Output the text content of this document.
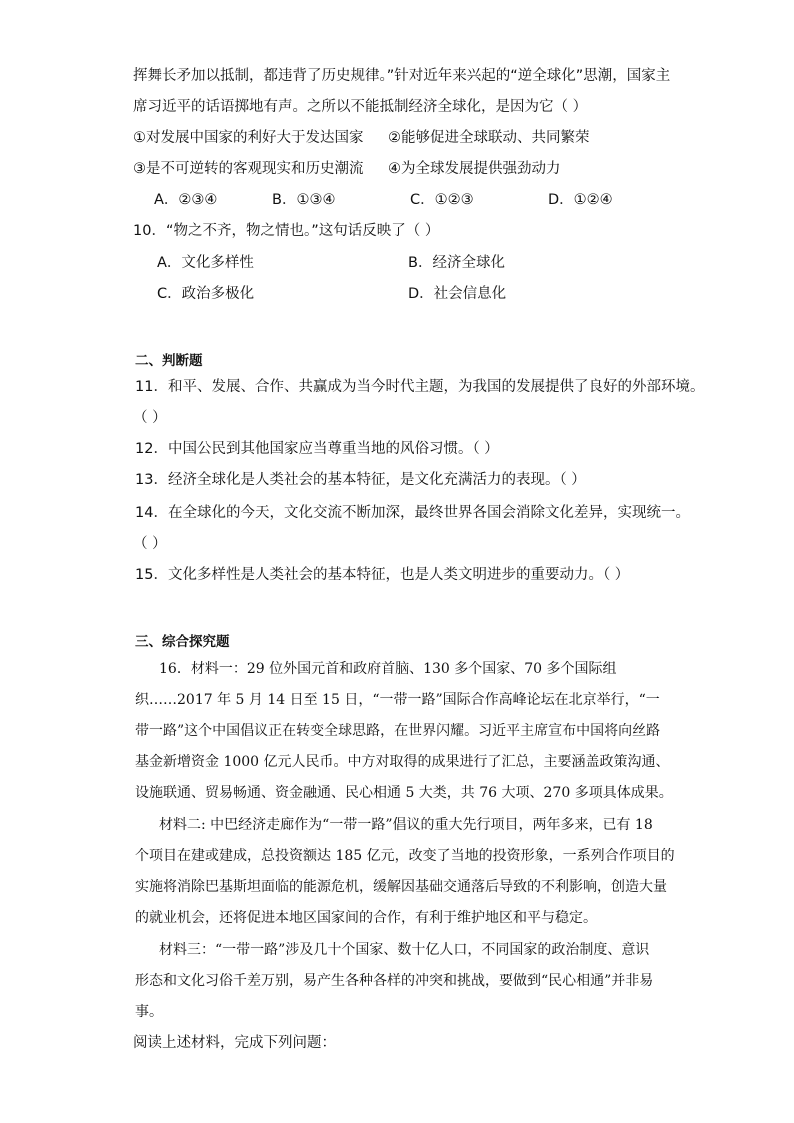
挥舞长矛加以抵制，都违背了历史规律。”针对近年来兴起的“逆全球化”思潮，国家主
席习近平的话语掷地有声。之所以不能抵制经济全球化，是因为它（ ）
①对发展中国家的利好大于发达国家 ②能够促进全球联动、共同繁荣
③是不可逆转的客观现实和历史潮流 ④为全球发展提供强劲动力
A．②③④	B．①③④	C．①②③	D．①②④
10．“物之不齐，物之情也。”这句话反映了（ ）
A．文化多样性	B．经济全球化
C．政治多极化	D．社会信息化
二、判断题
11．和平、发展、合作、共赢成为当今时代主题，为我国的发展提供了良好的外部环境。
（ ）
12．中国公民到其他国家应当尊重当地的风俗习惯。（ ）
13．经济全球化是人类社会的基本特征，是文化充满活力的表现。（ ）
14．在全球化的今天，文化交流不断加深，最终世界各国会消除文化差异，实现统一。
（ ）
15．文化多样性是人类社会的基本特征，也是人类文明进步的重要动力。（ ）
三、综合探究题
16．材料一：29 位外国元首和政府首脑、130 多个国家、70 多个国际组
织……2017 年 5 月 14 日至 15 日，“一带一路”国际合作高峰论坛在北京举行，“一
带一路”这个中国倡议正在转变全球思路，在世界闪耀。习近平主席宣布中国将向丝路
基金新增资金 1000 亿元人民币。中方对取得的成果进行了汇总，主要涵盖政策沟通、
设施联通、贸易畅通、资金融通、民心相通 5 大类，共 76 大项、270 多项具体成果。
材料二: 中巴经济走廊作为“一带一路”倡议的重大先行项目，两年多来，已有 18
个项目在建或建成，总投资额达 185 亿元，改变了当地的投资形象，一系列合作项目的
实施将消除巴基斯坦面临的能源危机，缓解因基础交通落后导致的不利影响，创造大量
的就业机会，还将促进本地区国家间的合作，有利于维护地区和平与稳定。
材料三：“一带一路”涉及几十个国家、数十亿人口，不同国家的政治制度、意识
形态和文化习俗千差万别，易产生各种各样的冲突和挑战，要做到“民心相通”并非易
事。
阅读上述材料，完成下列问题：
